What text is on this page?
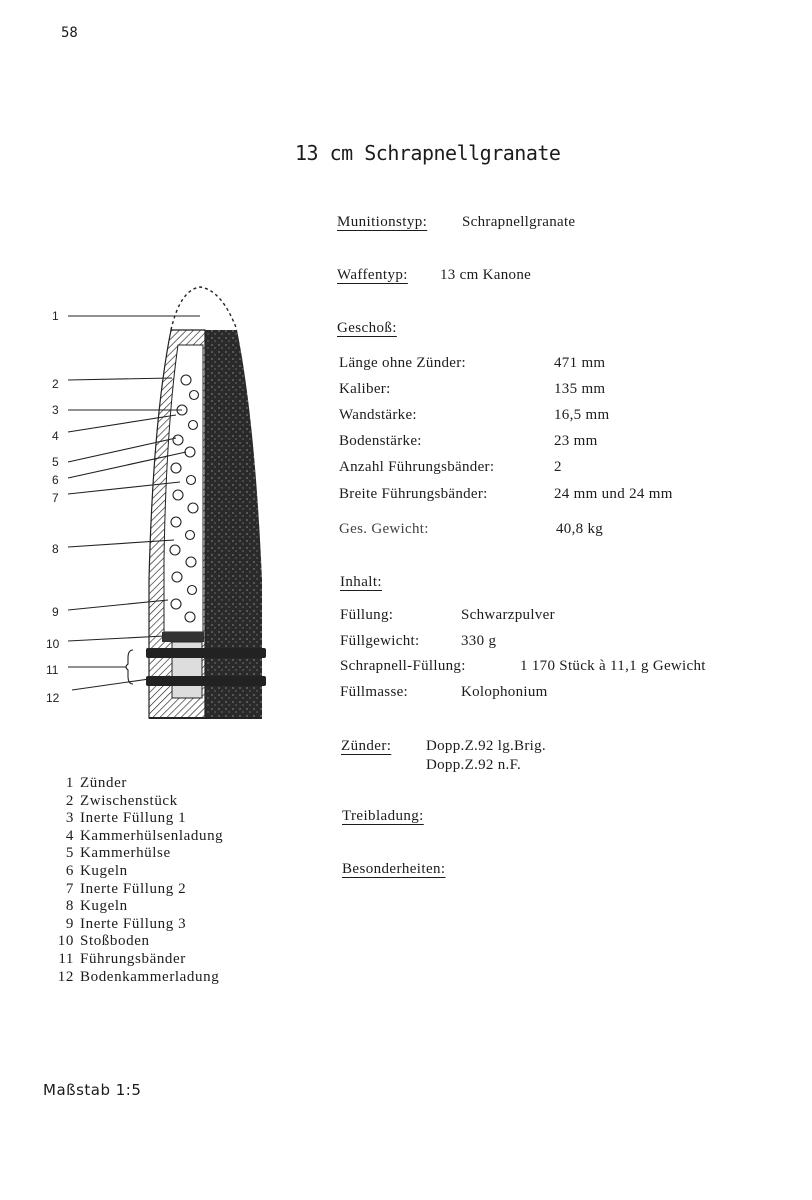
58
13 cm Schrapnellgranate
Munitionstyp: Schrapnellgranate
Waffentyp: 13 cm Kanone
Geschoß:
Länge ohne Zünder:	471 mm
Kaliber:	135 mm
Wandstärke:	16,5 mm
Bodenstärke:	23 mm
Anzahl Führungsbänder:	2
Breite Führungsbänder:	24 mm und 24 mm
Ges. Gewicht:	40,8 kg
Inhalt:
Füllung:	Schwarzpulver
Füllgewicht:	330 g
Schrapnell-Füllung:	1 170 Stück à 11,1 g Gewicht
Füllmasse:	Kolophonium
Zünder: Dopp.Z.92 lg.Brig.
Dopp.Z.92 n.F.
Treibladung:
Besonderheiten:
1
2
3
4
5
6
7
8
9
10
11
12
1 Zünder
2 Zwischenstück
3 Inerte Füllung 1
4 Kammerhülsenladung
5 Kammerhülse
6 Kugeln
7 Inerte Füllung 2
8 Kugeln
9 Inerte Füllung 3
10 Stoßboden
11 Führungsbänder
12 Bodenkammerladung
Maßstab 1:5
